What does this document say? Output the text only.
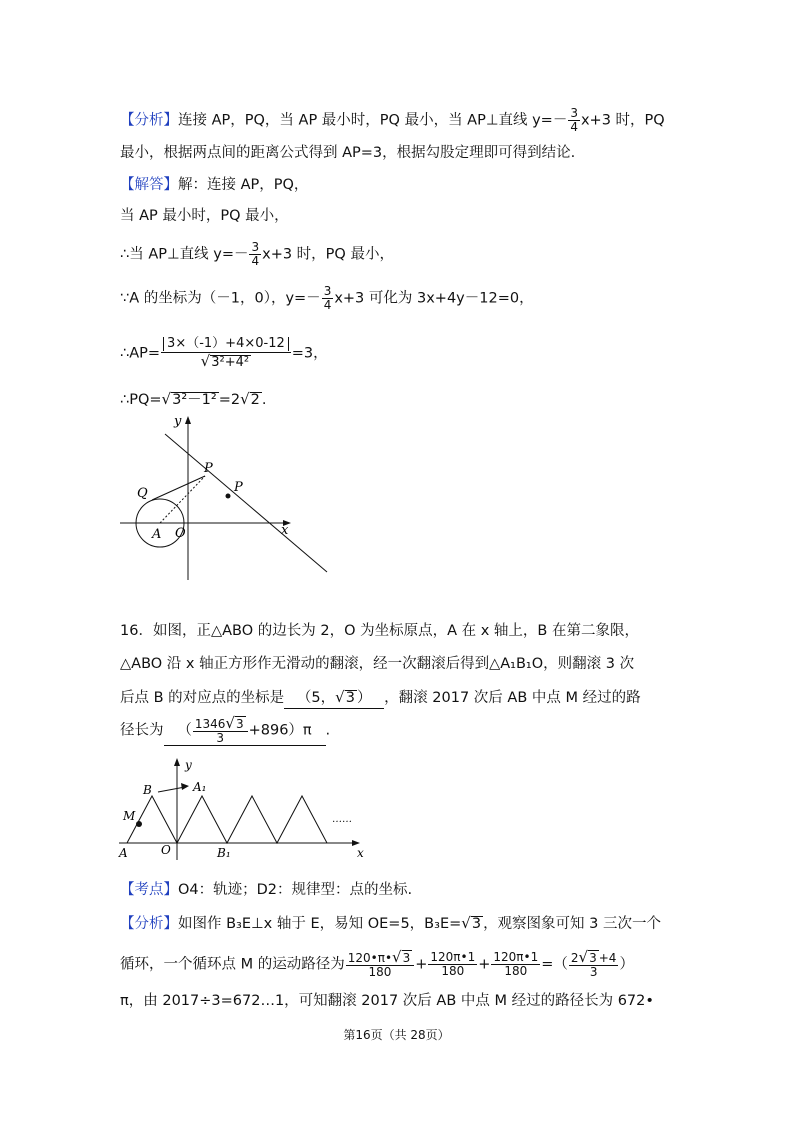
【分析】连接 AP，PQ，当 AP 最小时，PQ 最小，当 AP⊥直线 $y=- \frac{3}{4} x+3$ 时，PQ
最小，根据两点间的距离公式得到 AP=3，根据勾股定理即可得到结论.
【解答】解：连接 AP，PQ，
当 AP 最小时，PQ 最小，
∴当 AP⊥直线 $y=- \frac{3}{4} x+3$ 时，PQ 最小，
∵A 的坐标为（－1，0），$y=- \frac{3}{4} x+3$ 可化为 3x+4y－12=0，
∴AP= $\frac{3\times(-1)+4\times 0-12}{\text{√3²+4²}} =3$，
∴PQ=√3²－1² =2√2 .
y
x
P
P
Q
A O
16．如图，正△ABO 的边长为 2，O 为坐标原点，A 在 x 轴上，B 在第二象限，
△ABO 沿 x 轴正方形作无滑动的翻滚，经一次翻滚后得到△A₁B₁O，则翻滚 3 次
后点 B 的对应点的坐标是 （5，√3 ） ，翻滚 2017 次后 AB 中点 M 经过的路
径长为 （ $\frac{1346√3}{3} +896)\pi$ .
y
x
B	A₁
M
A	O	B₁
……
【考点】O4：轨迹；D2：规律型：点的坐标.
【分析】如图作 B₃E⊥x 轴于 E，易知 OE=5，B₃E=√3 ，观察图象可知 3 三次一个
循环，一个循环点 M 的运动路径为 $\frac{120•\pi•√3}{180} + \frac{120\pi•1}{180} + \frac{120\pi•1}{180}$ =（ $\frac{2√3 +4}{3}$ ）
π，由 2017÷3=672…1，可知翻滚 2017 次后 AB 中点 M 经过的路径长为 672•
第16页（共 28页）
